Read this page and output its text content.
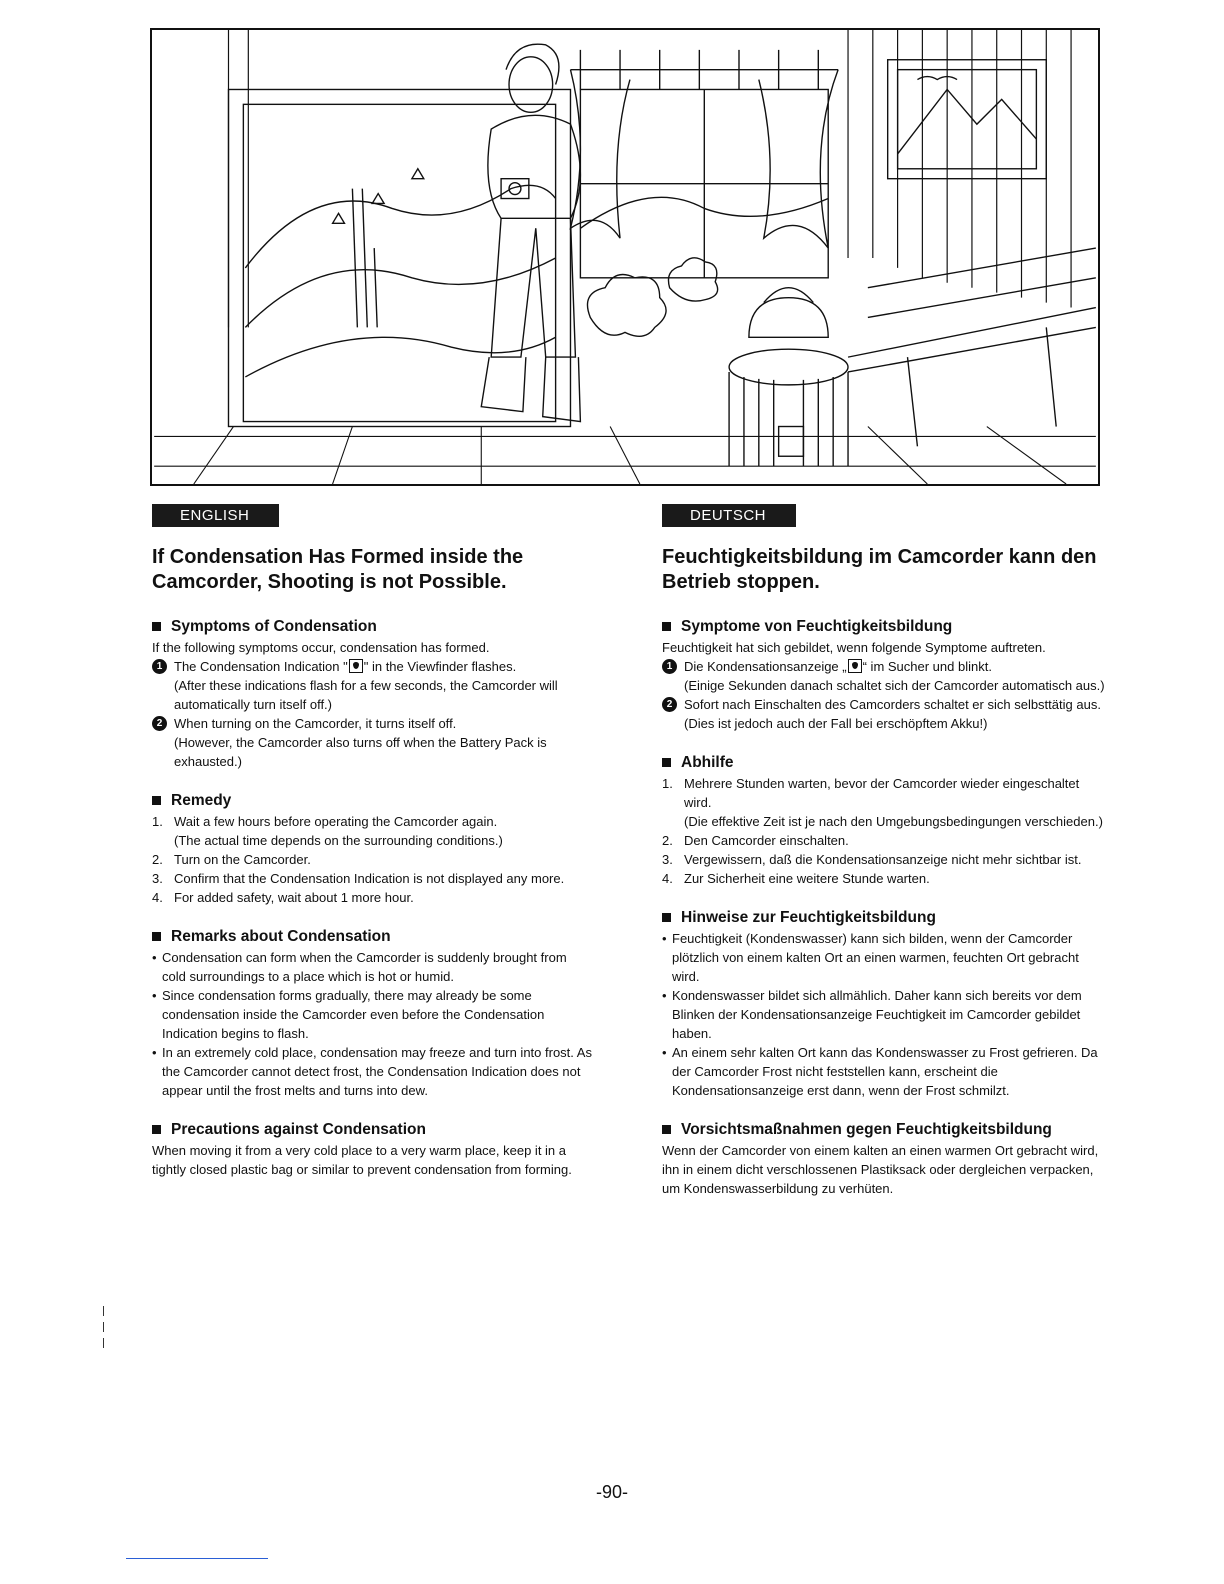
ENGLISH
If Condensation Has Formed inside the Camcorder, Shooting is not Possible.
Symptoms of Condensation

If the following symptoms occur, condensation has formed.

1 The Condensation Indication " " in the Viewfinder flashes.
(After these indications flash for a few seconds, the Camcorder will automatically turn itself off.)
2 When turning on the Camcorder, it turns itself off.
(However, the Camcorder also turns off when the Battery Pack is exhausted.)
Remedy
1. Wait a few hours before operating the Camcorder again.
(The actual time depends on the surrounding conditions.)
2. Turn on the Camcorder.
3. Confirm that the Condensation Indication is not displayed any more.
4. For added safety, wait about 1 more hour.
Remarks about Condensation
• Condensation can form when the Camcorder is suddenly brought from cold surroundings to a place which is hot or humid.
• Since condensation forms gradually, there may already be some condensation inside the Camcorder even before the Condensation Indication begins to flash.
• In an extremely cold place, condensation may freeze and turn into frost. As the Camcorder cannot detect frost, the Condensation Indication does not appear until the frost melts and turns into dew.
Precautions against Condensation

When moving it from a very cold place to a very warm place, keep it in a tightly closed plastic bag or similar to prevent condensation from forming.

DEUTSCH
Feuchtigkeitsbildung im Camcorder kann den Betrieb stoppen.
Symptome von Feuchtigkeitsbildung

Feuchtigkeit hat sich gebildet, wenn folgende Symptome auftreten.

1 Die Kondensationsanzeige „ “ im Sucher und blinkt.
(Einige Sekunden danach schaltet sich der Camcorder automatisch aus.)
2 Sofort nach Einschalten des Camcorders schaltet er sich selbsttätig aus.
(Dies ist jedoch auch der Fall bei erschöpftem Akku!)
Abhilfe
1. Mehrere Stunden warten, bevor der Camcorder wieder eingeschaltet wird.
(Die effektive Zeit ist je nach den Umgebungsbedingungen verschieden.)
2. Den Camcorder einschalten.
3. Vergewissern, daß die Kondensationsanzeige nicht mehr sichtbar ist.
4. Zur Sicherheit eine weitere Stunde warten.
Hinweise zur Feuchtigkeitsbildung
• Feuchtigkeit (Kondenswasser) kann sich bilden, wenn der Camcorder plötzlich von einem kalten Ort an einen warmen, feuchten Ort gebracht wird.
• Kondenswasser bildet sich allmählich. Daher kann sich bereits vor dem Blinken der Kondensationsanzeige Feuchtigkeit im Camcorder gebildet haben.
• An einem sehr kalten Ort kann das Kondenswasser zu Frost gefrieren. Da der Camcorder Frost nicht feststellen kann, erscheint die Kondensationsanzeige erst dann, wenn der Frost schmilzt.
Vorsichtsmaßnahmen gegen Feuchtigkeitsbildung

Wenn der Camcorder von einem kalten an einen warmen Ort gebracht wird, ihn in einem dicht verschlossenen Plastiksack oder dergleichen verpacken, um Kondenswasserbildung zu verhüten.

-90-
